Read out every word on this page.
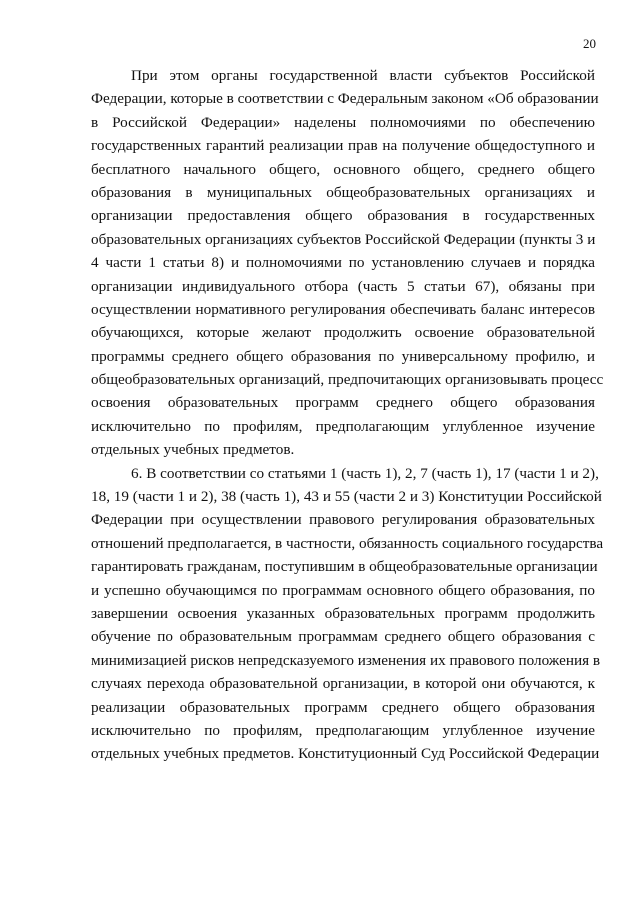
20
При этом органы государственной власти субъектов Российской
Федерации, которые в соответствии с Федеральным законом «Об образовании
в Российской Федерации» наделены полномочиями по обеспечению
государственных гарантий реализации прав на получение общедоступного и
бесплатного начального общего, основного общего, среднего общего
образования в муниципальных общеобразовательных организациях и
организации предоставления общего образования в государственных
образовательных организациях субъектов Российской Федерации (пункты 3 и
4 части 1 статьи 8) и полномочиями по установлению случаев и порядка
организации индивидуального отбора (часть 5 статьи 67), обязаны при
осуществлении нормативного регулирования обеспечивать баланс интересов
обучающихся, которые желают продолжить освоение образовательной
программы среднего общего образования по универсальному профилю, и
общеобразовательных организаций, предпочитающих организовывать процесс
освоения образовательных программ среднего общего образования
исключительно по профилям, предполагающим углубленное изучение
отдельных учебных предметов.
6. В соответствии со статьями 1 (часть 1), 2, 7 (часть 1), 17 (части 1 и 2),
18, 19 (части 1 и 2), 38 (часть 1), 43 и 55 (части 2 и 3) Конституции Российской
Федерации при осуществлении правового регулирования образовательных
отношений предполагается, в частности, обязанность социального государства
гарантировать гражданам, поступившим в общеобразовательные организации
и успешно обучающимся по программам основного общего образования, по
завершении освоения указанных образовательных программ продолжить
обучение по образовательным программам среднего общего образования с
минимизацией рисков непредсказуемого изменения их правового положения в
случаях перехода образовательной организации, в которой они обучаются, к
реализации образовательных программ среднего общего образования
исключительно по профилям, предполагающим углубленное изучение
отдельных учебных предметов. Конституционный Суд Российской Федерации
